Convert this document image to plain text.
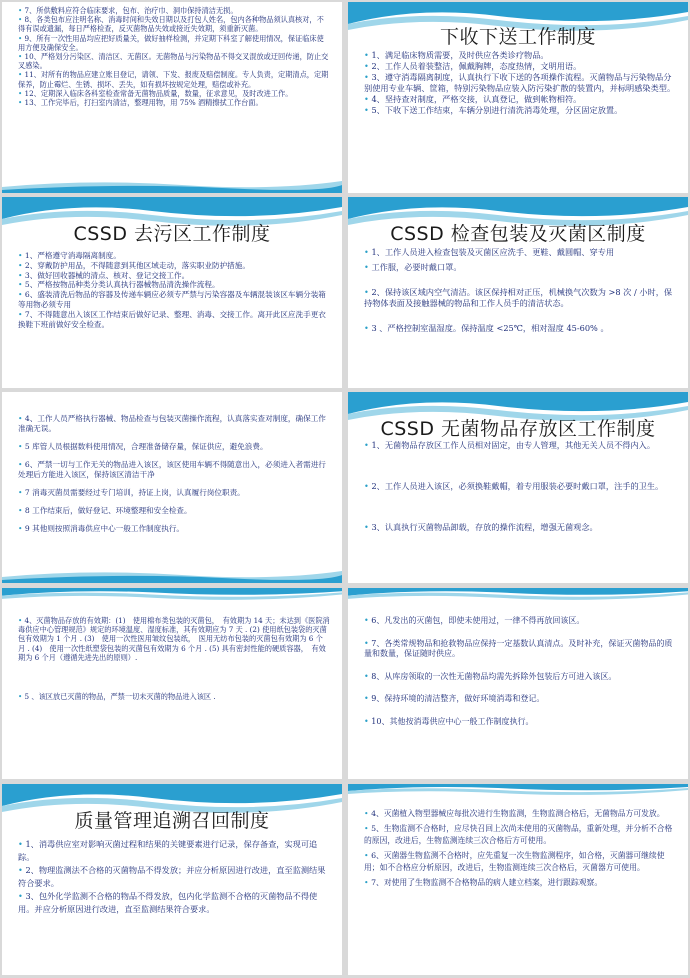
• 7、所供敷料应符合临床要求，包布、治疗巾、洞巾保持清洁无损。

• 8、各类包布应注明名称、消毒时间和失效日期以及打包人姓名，包内各种物品须认真核对，不得有误或遗漏，每日严格检查，反灭菌物品失效或接近失效期，须重新灭菌。

• 9、所有一次性用品均应把好质量关，做好抽样检测，并定期下科室了解使用情况，保证临床使用方便及确保安全。

• 10、严格划分污染区、清洁区、无菌区。无菌物品与污染物品不得交叉混放或迂回传递，防止交叉感染。

• 11、对所有的物品应建立账目登记，请领、下发、报废及赔偿制度。专人负责，定期清点，定期保养，防止霉烂、生锈、损坏、丢失，如有损坏按规定处理，赔偿或补充。

• 12、定期深入临床各科室检查常备无菌物品质量，数量，征求意见，及时改进工作。

• 13、工作完毕后，打扫室内清洁，整理用物，用 75% 酒精擦拭工作台面。

下收下送工作制度

• 1、满足临床物质需要，及时供应各类诊疗物品。

• 2、工作人员着装整洁，佩戴胸牌，态度热情，文明用语。

• 3、遵守消毒隔离制度，认真执行下收下送的各项操作流程。灭菌物品与污染物品分别使用专业车辆、筐箱，特别污染物品应装入防污染扩散的装置内，并标明感染类型。

• 4、坚持查对制度，严格交接，认真登记，做到帐物相符。

• 5、下收下送工作结束，车辆分别进行清洗消毒处理，分区固定放置。

CSSD 去污区工作制度

• 1、严格遵守消毒隔离制度。

• 2、穿戴防护用品，不得随意到其他区域走动，落实职业防护措施。

• 3、做好回收器械的清点、核对、登记交接工作。

• 5、严格按物品种类分类认真执行器械物品清洗操作流程。

• 6、盛装清洗后物品的容器及传递车辆应必须专严禁与污染容器及车辆混装该区车辆分装箱等用物必须专用

• 7、不得随意出入该区工作结束后做好记录、整理、消毒、交接工作。离开此区应洗手更衣换鞋下班前做好安全检查。

CSSD 检查包装及灭菌区制度

• 1、工作人员进入检查包装及灭菌区应洗手、更鞋、戴圆帽、穿专用

• 工作服，必要时戴口罩。

• 2、保持该区域内空气清洁。该区保持相对正压，机械换气次数为 >8 次 / 小时，保持物体表面及接触器械的物品和工作人员手的清洁状态。

• 3 、严格控制室温湿度。保持温度 <25℃，相对湿度 45-60% 。

• 4、工作人员严格执行器械、物品检查与包装灭菌操作流程，认真落实查对制度，确保工作准确无误。

• 5 库管人员根据数料使用情况，合理准备储存量，保证供应，避免浪费。

• 6、严禁一切与工作无关的物品进入该区，该区使用车辆不得随意出入，必须进入者需进行处理后方能进入该区，保持该区清洁干净

• 7 消毒灭菌员需要经过专门培训，持证上岗，认真履行岗位职责。

• 8 工作结束后，做好登记、环境整理和安全检查。

• 9 其他则按照消毒供应中心一般工作制度执行。

CSSD 无菌物品存放区工作制度

• 1、无菌物品存放区工作人员相对固定，由专人管理，其他无关人员不得内入。

• 2、工作人员进入该区，必须换鞋戴帽，着专用服装必要时戴口罩，注手的卫生。

• 3、认真执行灭菌物品卸载，存放的操作流程，增强无菌观念。

• 4、灭菌物品存放的有效期：(1)　使用棉布类包装的灭菌包，　有效期为 14 天；未达到《医院消毒供应中心管理规范》规定的环境温度、湿度标准，其有效期应为 7 天 . (2) 使用纸包装袋的灭菌包有效期为 1 个月 . (3)　使用一次性医用皱纹包装纸，　医用无纺布包装的灭菌包有效期为 6 个月 . (4)　使用一次性纸塑袋包装的灭菌包有效期为 6 个月 . (5) 具有密封性能的硬质容器，　有效期为 6 个月（遵循先进先出的原则）.

• 5 、该区放已灭菌的物品，严禁一切未灭菌的物品进入该区 .

• 6、凡发出的灭菌包，即使未使用过，一律不得再放回该区。

• 7、各类常规物品和抢救物品应保持一定基数认真清点。及时补充，保证灭菌物品的质量和数量，保证随时供应。

• 8、从库房领取的一次性无菌物品均需先拆除外包装后方可进入该区。

• 9、保持环境的清洁整齐，做好环境消毒和登记。

• 10、其他按消毒供应中心一般工作制度执行。

质量管理追溯召回制度

• 1、消毒供应室对影响灭菌过程和结果的关键要素进行记录，保存备查，实现可追踪。

• 2、物理监测法不合格的灭菌物品不得发放；并应分析原因进行改进，直至监测结果符合要求。

• 3、包外化学监测不合格的物品不得发放，包内化学监测不合格的灭菌物品不得使用。并应分析原因进行改进，直至监测结果符合要求。

• 4、灭菌植入物型器械应每批次进行生物监测，生物监测合格后，无菌物品方可发放。

• 5、生物监测不合格时，应尽快召回上次尚未使用的灭菌物品，重新处理，并分析不合格的原因，改进后，生物监测连续三次合格后方可使用。

• 6、灭菌器生物监测不合格时，应先重复一次生物监测程序，如合格，灭菌器可继续使用；如不合格应分析原因，改进后，生物监测连续三次合格后，灭菌器方可使用。

• 7、对使用了生物监测不合格物品的病人建立档案，进行跟踪观察。
